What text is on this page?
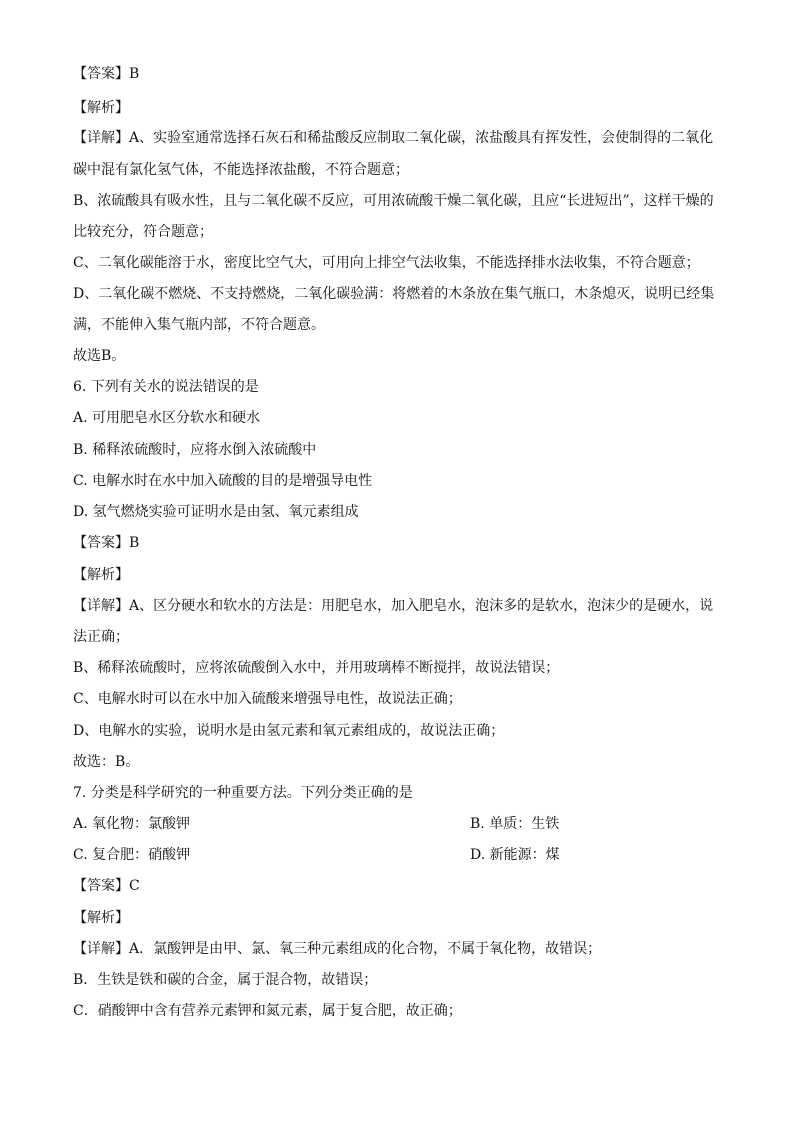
【答案】B
【解析】
【详解】A、实验室通常选择石灰石和稀盐酸反应制取二氧化碳，浓盐酸具有挥发性，会使制得的二氧化
碳中混有氯化氢气体，不能选择浓盐酸，不符合题意；
B、浓硫酸具有吸水性，且与二氧化碳不反应，可用浓硫酸干燥二氧化碳，且应“长进短出”，这样干燥的
比较充分，符合题意；
C、二氧化碳能溶于水，密度比空气大，可用向上排空气法收集，不能选择排水法收集，不符合题意；
D、二氧化碳不燃烧、不支持燃烧，二氧化碳验满：将燃着的木条放在集气瓶口，木条熄灭，说明已经集
满，不能伸入集气瓶内部，不符合题意。
故选B。
6. 下列有关水的说法错误的是
A. 可用肥皂水区分软水和硬水
B. 稀释浓硫酸时，应将水倒入浓硫酸中
C. 电解水时在水中加入硫酸的目的是增强导电性
D. 氢气燃烧实验可证明水是由氢、氧元素组成
【答案】B
【解析】
【详解】A、区分硬水和软水的方法是：用肥皂水，加入肥皂水，泡沫多的是软水，泡沫少的是硬水，说
法正确；
B、稀释浓硫酸时，应将浓硫酸倒入水中，并用玻璃棒不断搅拌，故说法错误；
C、电解水时可以在水中加入硫酸来增强导电性，故说法正确；
D、电解水的实验，说明水是由氢元素和氧元素组成的，故说法正确；
故选：B。
7. 分类是科学研究的一种重要方法。下列分类正确的是
A. 氧化物：氯酸钾	B. 单质：生铁
C. 复合肥：硝酸钾	D. 新能源：煤
【答案】C
【解析】
【详解】A．氯酸钾是由甲、氯、氧三种元素组成的化合物，不属于氧化物，故错误；
B．生铁是铁和碳的合金，属于混合物，故错误；
C．硝酸钾中含有营养元素钾和氮元素，属于复合肥，故正确；
